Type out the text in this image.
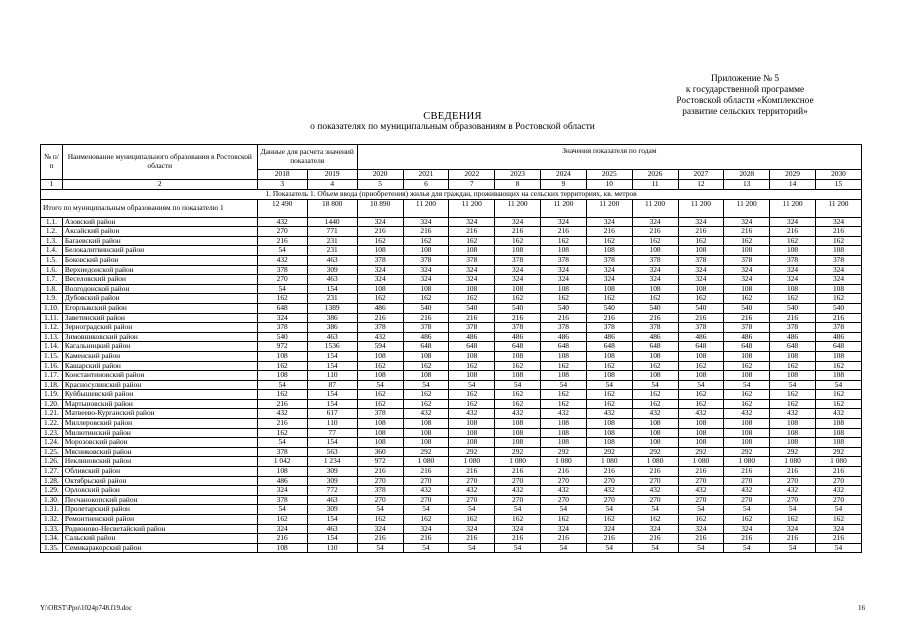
Приложение № 5
к государственной программе
Ростовской области «Комплексное
развитие сельских территорий»
СВЕДЕНИЯ
о показателях по муниципальным образованиям в Ростовской области
№ п/п	Наименование муниципального образования в Ростовской области	Данные для расчета значений показателя		Значения показателя по годам										
		2018	2019	2020	2021	2022	2023	2024	2025	2026	2027	2028	2029	2030
1	2	3	4	5	6	7	8	9	10	11	12	13	14	15
1. Показатель 1. Объем ввода (приобретения) жилья для граждан, проживающих на сельских территориях, кв. метров														
Итого по муниципальным образованиям по показателю 1		12 490	18 800	10 890	11 200	11 200	11 200	11 200	11 200	11 200	11 200	11 200	11 200	11 200
1.1.	Азовский район	432	1440	324	324	324	324	324	324	324	324	324	324	324
1.2.	Аксайский район	270	771	216	216	216	216	216	216	216	216	216	216	216
1.3.	Багаевский район	216	231	162	162	162	162	162	162	162	162	162	162	162
1.4.	Белокалитвинский район	54	231	108	108	108	108	108	108	108	108	108	108	108
1.5.	Боковский район	432	463	378	378	378	378	378	378	378	378	378	378	378
1.6.	Верхнедонской район	378	309	324	324	324	324	324	324	324	324	324	324	324
1.7.	Веселовский район	270	463	324	324	324	324	324	324	324	324	324	324	324
1.8.	Волгодонской район	54	154	108	108	108	108	108	108	108	108	108	108	108
1.9.	Дубовский район	162	231	162	162	162	162	162	162	162	162	162	162	162
1.10.	Егорлыкский район	648	1389	486	540	540	540	540	540	540	540	540	540	540
1.11.	Заветинский район	324	386	216	216	216	216	216	216	216	216	216	216	216
1.12.	Зерноградский район	378	386	378	378	378	378	378	378	378	378	378	378	378
1.13.	Зимовниковский район	540	463	432	486	486	486	486	486	486	486	486	486	486
1.14.	Кагальницкий район	972	1536	594	648	648	648	648	648	648	648	648	648	648
1.15.	Каменский район	108	154	108	108	108	108	108	108	108	108	108	108	108
1.16.	Кашарский район	162	154	162	162	162	162	162	162	162	162	162	162	162
1.17.	Константиновский район	108	110	108	108	108	108	108	108	108	108	108	108	108
1.18.	Красносулинский район	54	87	54	54	54	54	54	54	54	54	54	54	54
1.19.	Куйбышевский район	162	154	162	162	162	162	162	162	162	162	162	162	162
1.20.	Мартыновский район	216	154	162	162	162	162	162	162	162	162	162	162	162
1.21.	Матвеево-Курганский район	432	617	378	432	432	432	432	432	432	432	432	432	432
1.22.	Миллеровский район	216	110	108	108	108	108	108	108	108	108	108	108	108
1.23.	Милютинский район	162	77	108	108	108	108	108	108	108	108	108	108	108
1.24.	Морозовский район	54	154	108	108	108	108	108	108	108	108	108	108	108
1.25.	Мясниковский район	378	563	360	292	292	292	292	292	292	292	292	292	292
1.26.	Неклиновский район	1 042	1 234	972	1 080	1 080	1 080	1 080	1 080	1 080	1 080	1 080	1 080	1 080
1.27.	Обливский район	108	309	216	216	216	216	216	216	216	216	216	216	216
1.28.	Октябрьский район	486	309	270	270	270	270	270	270	270	270	270	270	270
1.29.	Орловский район	324	772	378	432	432	432	432	432	432	432	432	432	432
1.30.	Песчанокопский район	378	463	270	270	270	270	270	270	270	270	270	270	270
1.31.	Пролетарский район	54	309	54	54	54	54	54	54	54	54	54	54	54
1.32.	Ремонтненский район	162	154	162	162	162	162	162	162	162	162	162	162	162
1.33.	Родионово-Несветайский район	324	463	324	324	324	324	324	324	324	324	324	324	324
1.34.	Сальский район	216	154	216	216	216	216	216	216	216	216	216	216	216
1.35.	Семикаракорский район	108	110	54	54	54	54	54	54	54	54	54	54	54
Y:\ORST\Ppo\1024p748.f19.doc	16
